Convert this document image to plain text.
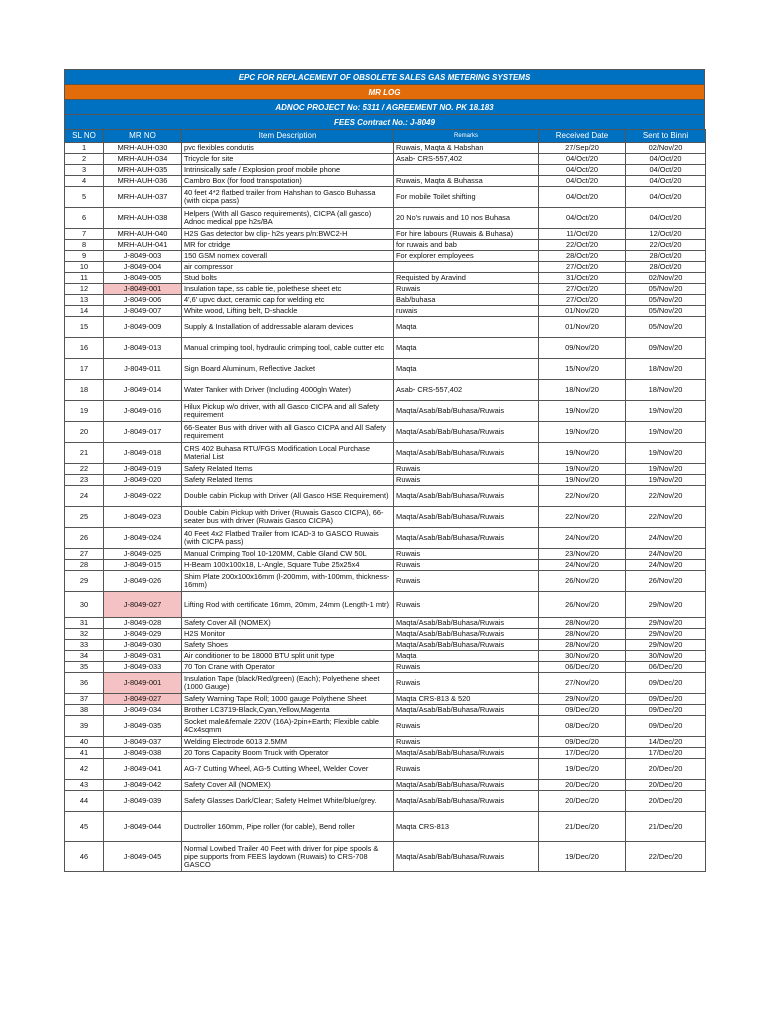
EPC FOR REPLACEMENT OF OBSOLETE SALES GAS METERING SYSTEMS
MR LOG
ADNOC PROJECT No: 5311 / AGREEMENT NO. PK 18.183
FEES Contract No.: J-8049
SL NO	MR NO	Item Description	Remarks	Received Date	Sent to Binni
1	MRH-AUH-030	pvc flexibles condutis	Ruwais, Maqta & Habshan	27/Sep/20	02/Nov/20
2	MRH-AUH-034	Tricycle for site	Asab- CRS-557,402	04/Oct/20	04/Oct/20
3	MRH-AUH-035	Intrinsically safe / Explosion proof mobile phone		04/Oct/20	04/Oct/20
4	MRH-AUH-036	Cambro Box (for food transpotation)	Ruwais, Maqta & Buhassa	04/Oct/20	04/Oct/20
5	MRH-AUH-037	40 feet 4*2 flatbed trailer from Hahshan to Gasco Buhassa (with cicpa pass)	For mobile Toilet shifting	04/Oct/20	04/Oct/20
6	MRH-AUH-038	Helpers (With all Gasco requirements), CICPA (all gasco) Adnoc medical ppe h2s/BA	20 No's ruwais and 10 nos Buhasa	04/Oct/20	04/Oct/20
7	MRH-AUH-040	H2S Gas detector bw clip- h2s years p/n:BWC2-H	For hire labours (Ruwais & Buhasa)	11/Oct/20	12/Oct/20
8	MRH-AUH-041	MR for ctridge	for ruwais and bab	22/Oct/20	22/Oct/20
9	J-8049-003	150 GSM nomex coverall	For explorer employees	28/Oct/20	28/Oct/20
10	J-8049-004	air compressor		27/Oct/20	28/Oct/20
11	J-8049-005	Stud bolts	Requisted by Aravind	31/Oct/20	02/Nov/20
12	J-8049-001	Insulation tape, ss cable tie, polethese sheet etc	Ruwais	27/Oct/20	05/Nov/20
13	J-8049-006	4',6' upvc duct, ceramic cap for welding etc	Bab/buhasa	27/Oct/20	05/Nov/20
14	J-8049-007	White wood, Lifting belt, D-shackle	ruwais	01/Nov/20	05/Nov/20
15	J-8049-009	Supply & Installation of addressable alaram devices	Maqta	01/Nov/20	05/Nov/20
16	J-8049-013	Manual crimping tool, hydraulic crimping tool, cable cutter etc	Maqta	09/Nov/20	09/Nov/20
17	J-8049-011	Sign Board Aluminum, Reflective Jacket	Maqta	15/Nov/20	18/Nov/20
18	J-8049-014	Water Tanker with Driver (Including 4000gln Water)	Asab- CRS-557,402	18/Nov/20	18/Nov/20
19	J-8049-016	Hilux Pickup w/o driver, with all Gasco CICPA and all Safety requirement	Maqta/Asab/Bab/Buhasa/Ruwais	19/Nov/20	19/Nov/20
20	J-8049-017	66-Seater Bus with driver with all Gasco CICPA and All Safety requirement	Maqta/Asab/Bab/Buhasa/Ruwais	19/Nov/20	19/Nov/20
21	J-8049-018	CRS 402 Buhasa RTU/FGS Modification Local Purchase Material List	Maqta/Asab/Bab/Buhasa/Ruwais	19/Nov/20	19/Nov/20
22	J-8049-019	Safety Related Items	Ruwais	19/Nov/20	19/Nov/20
23	J-8049-020	Safety Related Items	Ruwais	19/Nov/20	19/Nov/20
24	J-8049-022	Double cabin Pickup with Driver (All Gasco HSE Requirement)	Maqta/Asab/Bab/Buhasa/Ruwais	22/Nov/20	22/Nov/20
25	J-8049-023	Double Cabin Pickup with Driver (Ruwais Gasco CICPA), 66-seater bus with driver (Ruwais Gasco CICPA)	Maqta/Asab/Bab/Buhasa/Ruwais	22/Nov/20	22/Nov/20
26	J-8049-024	40 Feet 4x2 Flatbed Trailer from ICAD-3 to GASCO Ruwais (with CICPA pass)	Maqta/Asab/Bab/Buhasa/Ruwais	24/Nov/20	24/Nov/20
27	J-8049-025	Manual Crimping Tool 10-120MM, Cable Gland CW 50L	Ruwais	23/Nov/20	24/Nov/20
28	J-8049-015	H-Beam 100x100x18, L-Angle, Square Tube 25x25x4	Ruwais	24/Nov/20	24/Nov/20
29	J-8049-026	Shim Plate 200x100x16mm (l-200mm, with-100mm, thickness-16mm)	Ruwais	26/Nov/20	26/Nov/20
30	J-8049-027	Lifting Rod with certificate 16mm, 20mm, 24mm (Length-1 mtr)	Ruwais	26/Nov/20	29/Nov/20
31	J-8049-028	Safety Cover All (NOMEX)	Maqta/Asab/Bab/Buhasa/Ruwais	28/Nov/20	29/Nov/20
32	J-8049-029	H2S Monitor	Maqta/Asab/Bab/Buhasa/Ruwais	28/Nov/20	29/Nov/20
33	J-8049-030	Safety Shoes	Maqta/Asab/Bab/Buhasa/Ruwais	28/Nov/20	29/Nov/20
34	J-8049-031	Air conditioner to be 18000 BTU split unit type	Maqta	30/Nov/20	30/Nov/20
35	J-8049-033	70 Ton Crane with Operator	Ruwais	06/Dec/20	06/Dec/20
36	J-8049-001	Insulation Tape (black/Red/green) (Each); Polyethene sheet (1000 Gauge)	Ruwais	27/Nov/20	09/Dec/20
37	J-8049-027	Safety Warning Tape Roll; 1000 gauge Polythene Sheet	Maqta CRS-813 & 520	29/Nov/20	09/Dec/20
38	J-8049-034	Brother LC3719-Black,Cyan,Yellow,Magenta	Maqta/Asab/Bab/Buhasa/Ruwais	09/Dec/20	09/Dec/20
39	J-8049-035	Socket male&female 220V (16A)-2pin+Earth; Flexible cable 4Cx4sqmm	Ruwais	08/Dec/20	09/Dec/20
40	J-8049-037	Welding Electrode 6013 2.5MM	Ruwais	09/Dec/20	14/Dec/20
41	J-8049-038	20 Tons Capacity Boom Truck with Operator	Maqta/Asab/Bab/Buhasa/Ruwais	17/Dec/20	17/Dec/20
42	J-8049-041	AG-7 Cutting Wheel, AG-5 Cutting Wheel, Welder Cover	Ruwais	19/Dec/20	20/Dec/20
43	J-8049-042	Safety Cover All (NOMEX)	Maqta/Asab/Bab/Buhasa/Ruwais	20/Dec/20	20/Dec/20
44	J-8049-039	Safety Glasses Dark/Clear; Safety Helmet White/blue/grey.	Maqta/Asab/Bab/Buhasa/Ruwais	20/Dec/20	20/Dec/20
45	J-8049-044	Ductroller 160mm, Pipe roller (for cable), Bend roller	Maqta CRS-813	21/Dec/20	21/Dec/20
46	J-8049-045	Normal Lowbed Trailer 40 Feet with driver for pipe spools & pipe supports from FEES laydown (Ruwais) to CRS-708 GASCO	Maqta/Asab/Bab/Buhasa/Ruwais	19/Dec/20	22/Dec/20
